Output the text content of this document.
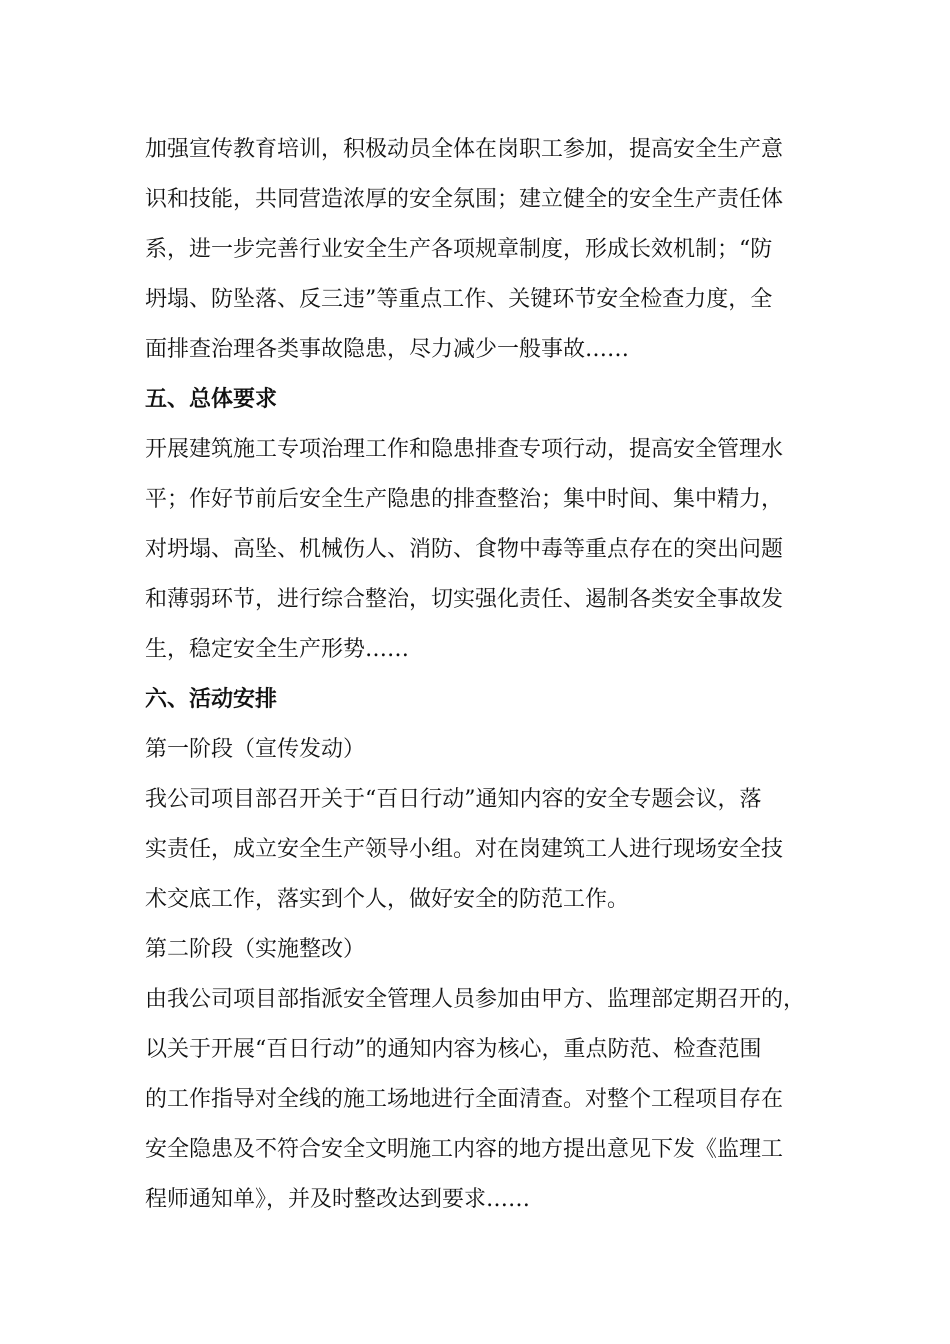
加强宣传教育培训，积极动员全体在岗职工参加，提高安全生产意

识和技能，共同营造浓厚的安全氛围；建立健全的安全生产责任体

系，进一步完善行业安全生产各项规章制度，形成长效机制；“防

坍塌、防坠落、反三违”等重点工作、关键环节安全检查力度，全

面排查治理各类事故隐患，尽力减少一般事故……

五、总体要求

开展建筑施工专项治理工作和隐患排查专项行动，提高安全管理水

平；作好节前后安全生产隐患的排查整治；集中时间、集中精力，

对坍塌、高坠、机械伤人、消防、食物中毒等重点存在的突出问题

和薄弱环节，进行综合整治，切实强化责任、遏制各类安全事故发

生，稳定安全生产形势……

六、活动安排

第一阶段（宣传发动）

我公司项目部召开关于“百日行动”通知内容的安全专题会议，落

实责任，成立安全生产领导小组。对在岗建筑工人进行现场安全技

术交底工作，落实到个人，做好安全的防范工作。

第二阶段（实施整改）

由我公司项目部指派安全管理人员参加由甲方、监理部定期召开的，

以关于开展“百日行动”的通知内容为核心，重点防范、检查范围

的工作指导对全线的施工场地进行全面清查。对整个工程项目存在

安全隐患及不符合安全文明施工内容的地方提出意见下发《监理工

程师通知单》，并及时整改达到要求……
